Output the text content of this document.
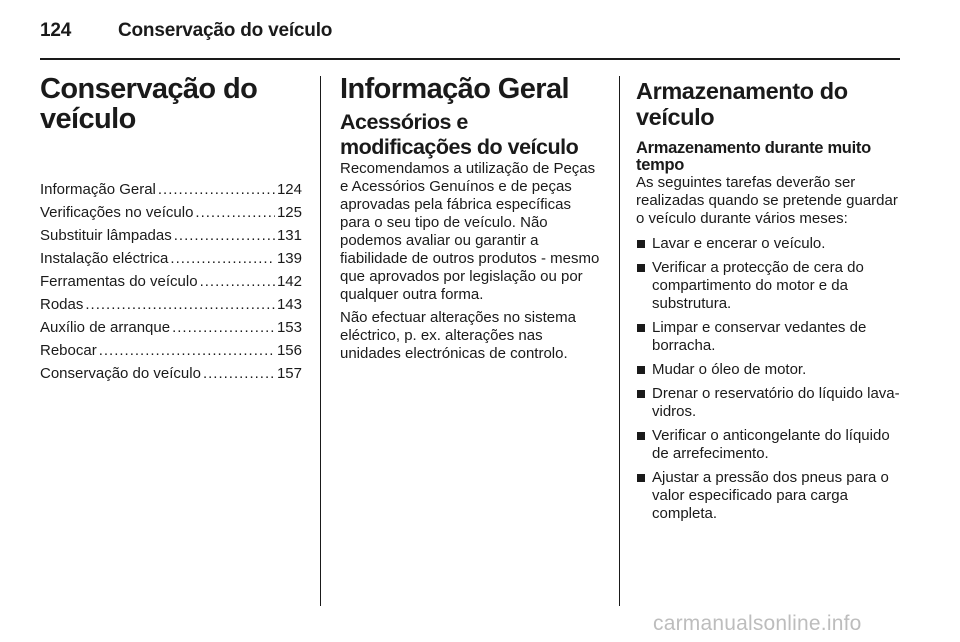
124 Conservação do veículo
Conservação do veículo
Informação Geral .....	124
Verificações no veículo .....	125
Substituir lâmpadas .....	131
Instalação eléctrica .....	139
Ferramentas do veículo .....	142
Rodas .....	143
Auxílio de arranque .....	153
Rebocar .....	156
Conservação do veículo .....	157
Informação Geral
Acessórios e modificações do veículo

Recomendamos a utilização de Peças e Acessórios Genuínos e de peças aprovadas pela fábrica específicas para o seu tipo de veículo. Não podemos avaliar ou garantir a fiabilidade de outros produtos - mesmo que aprovados por legislação ou por qualquer outra forma.

Não efectuar alterações no sistema eléctrico, p. ex. alterações nas unidades electrónicas de controlo.

Armazenamento do veículo
Armazenamento durante muito tempo

As seguintes tarefas deverão ser realizadas quando se pretende guardar o veículo durante vários meses:

Lavar e encerar o veículo.
Verificar a protecção de cera do compartimento do motor e da substrutura.
Limpar e conservar vedantes de borracha.
Mudar o óleo de motor.
Drenar o reservatório do líquido lava-vidros.
Verificar o anticongelante do líquido de arrefecimento.
Ajustar a pressão dos pneus para o valor especificado para carga completa.
carmanualsonline.info
